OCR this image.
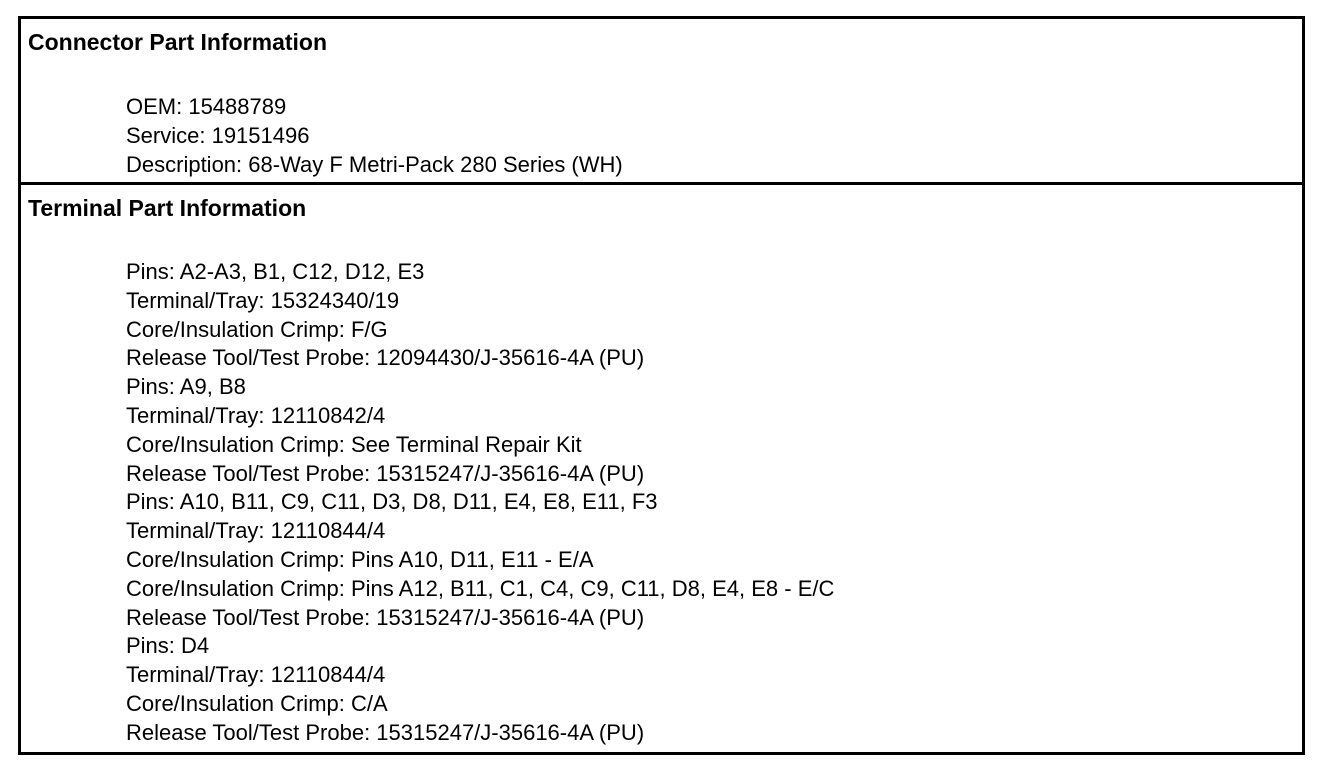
Connector Part Information
OEM: 15488789
Service: 19151496
Description: 68-Way F Metri-Pack 280 Series (WH)
Terminal Part Information
Pins: A2-A3, B1, C12, D12, E3
Terminal/Tray: 15324340/19
Core/Insulation Crimp: F/G
Release Tool/Test Probe: 12094430/J-35616-4A (PU)
Pins: A9, B8
Terminal/Tray: 12110842/4
Core/Insulation Crimp: See Terminal Repair Kit
Release Tool/Test Probe: 15315247/J-35616-4A (PU)
Pins: A10, B11, C9, C11, D3, D8, D11, E4, E8, E11, F3
Terminal/Tray: 12110844/4
Core/Insulation Crimp: Pins A10, D11, E11 - E/A
Core/Insulation Crimp: Pins A12, B11, C1, C4, C9, C11, D8, E4, E8 - E/C
Release Tool/Test Probe: 15315247/J-35616-4A (PU)
Pins: D4
Terminal/Tray: 12110844/4
Core/Insulation Crimp: C/A
Release Tool/Test Probe: 15315247/J-35616-4A (PU)
